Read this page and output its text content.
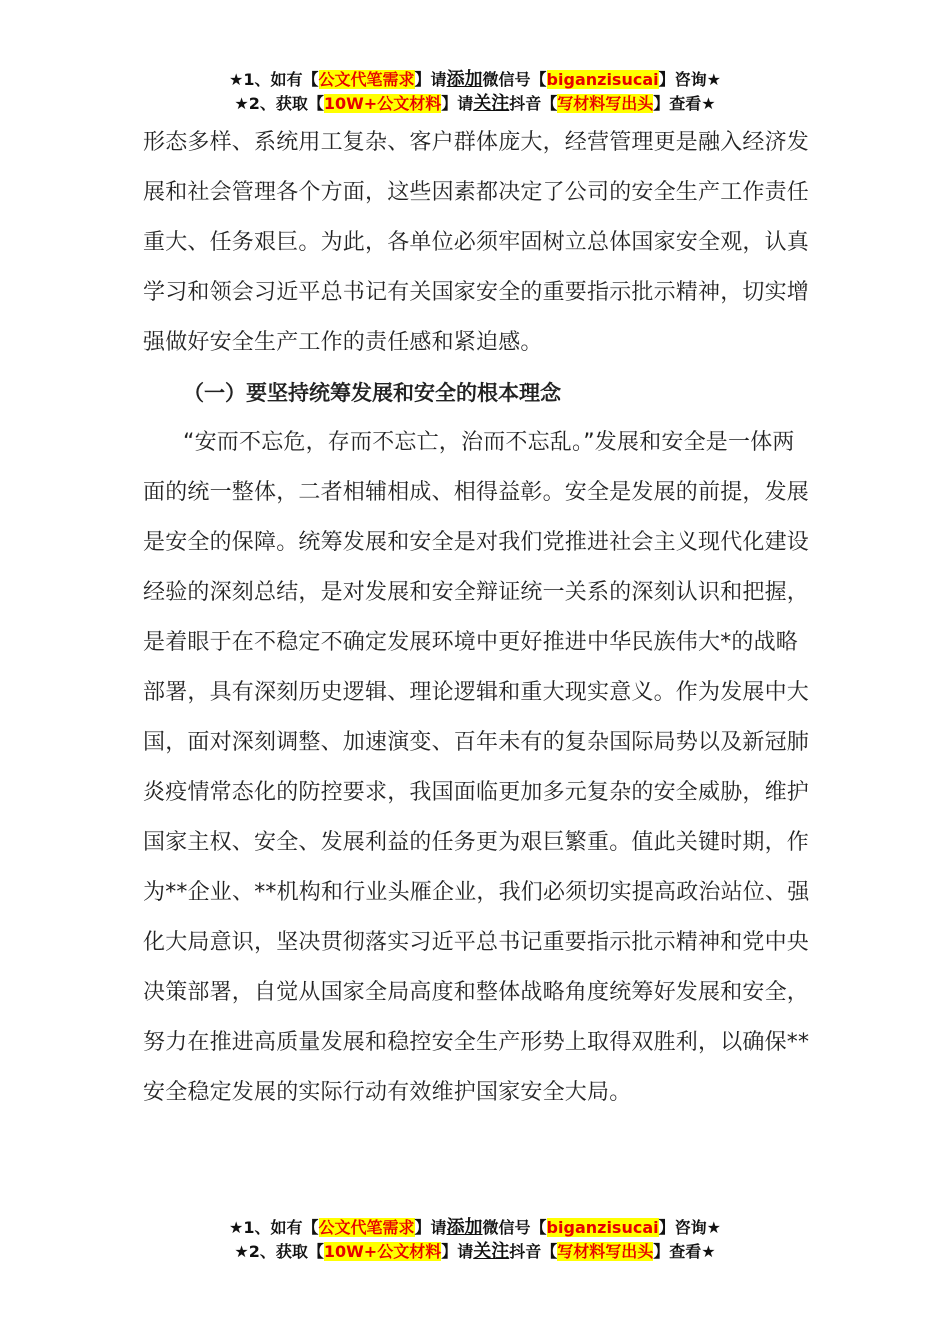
★1、如有【公文代笔需求】请添加微信号【biganzisucai】咨询★
★2、获取【10W+公文材料】请关注抖音【写材料写出头】查看★

形态多样、系统用工复杂、客户群体庞大，经营管理更是融入经济发展和社会管理各个方面，这些因素都决定了公司的安全生产工作责任重大、任务艰巨。为此，各单位必须牢固树立总体国家安全观，认真学习和领会习近平总书记有关国家安全的重要指示批示精神，切实增强做好安全生产工作的责任感和紧迫感。

（一）要坚持统筹发展和安全的根本理念

“安而不忘危，存而不忘亡，治而不忘乱。”发展和安全是一体两面的统一整体，二者相辅相成、相得益彰。安全是发展的前提，发展是安全的保障。统筹发展和安全是对我们党推进社会主义现代化建设经验的深刻总结，是对发展和安全辩证统一关系的深刻认识和把握，是着眼于在不稳定不确定发展环境中更好推进中华民族伟大*的战略部署，具有深刻历史逻辑、理论逻辑和重大现实意义。作为发展中大国，面对深刻调整、加速演变、百年未有的复杂国际局势以及新冠肺炎疫情常态化的防控要求，我国面临更加多元复杂的安全威胁，维护国家主权、安全、发展利益的任务更为艰巨繁重。值此关键时期，作为**企业、**机构和行业头雁企业，我们必须切实提高政治站位、强化大局意识，坚决贯彻落实习近平总书记重要指示批示精神和党中央决策部署，自觉从国家全局高度和整体战略角度统筹好发展和安全，努力在推进高质量发展和稳控安全生产形势上取得双胜利，以确保**安全稳定发展的实际行动有效维护国家安全大局。

★1、如有【公文代笔需求】请添加微信号【biganzisucai】咨询★
★2、获取【10W+公文材料】请关注抖音【写材料写出头】查看★
